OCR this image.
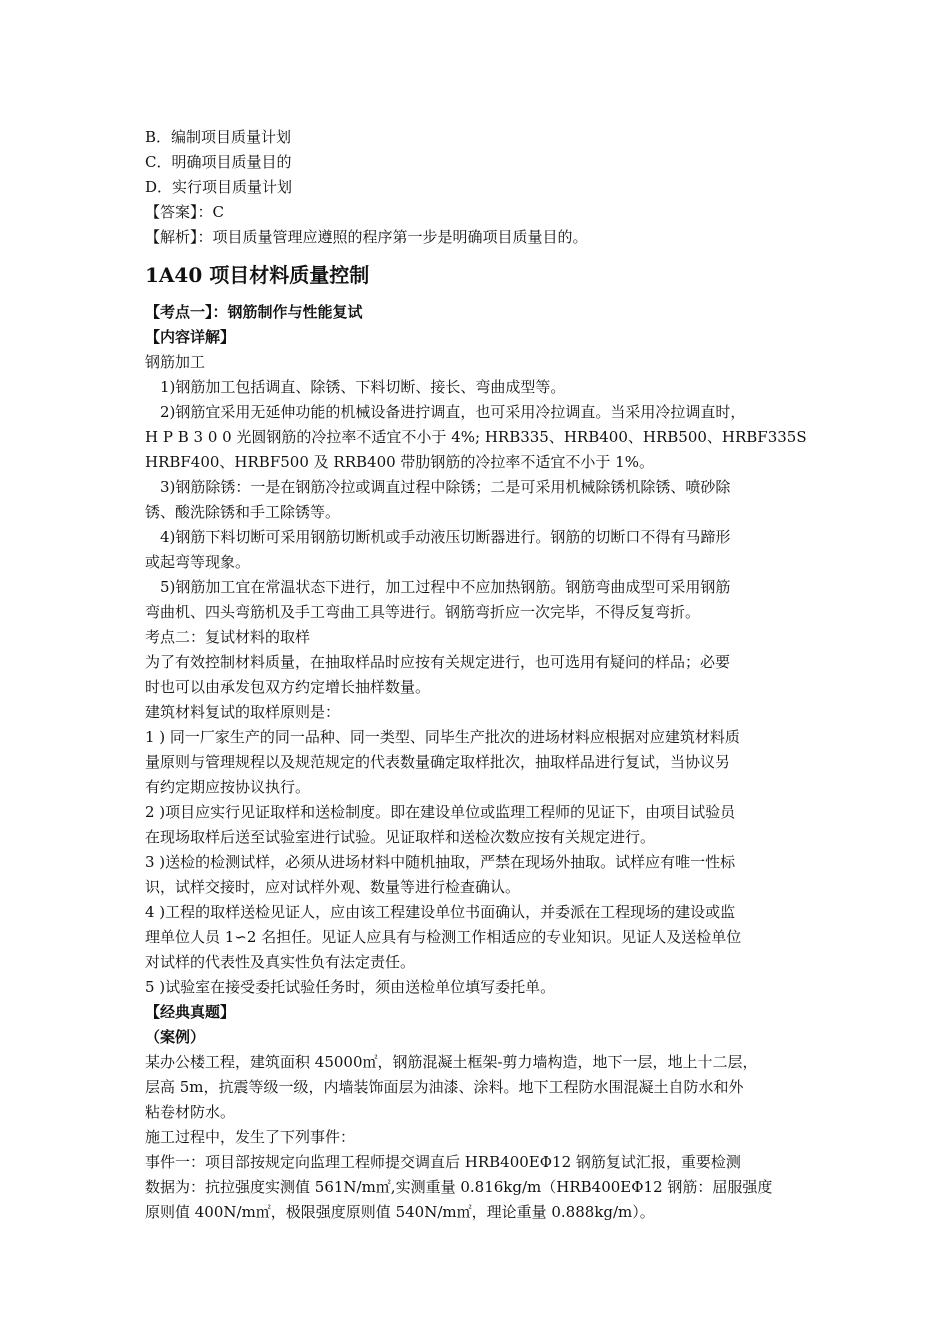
B．编制项目质量计划
C．明确项目质量目的
D．实行项目质量计划
【答案】：C
【解析】：项目质量管理应遵照的程序第一步是明确项目质量目的。
1A40 项目材料质量控制
【考点一】：钢筋制作与性能复试
【内容详解】
钢筋加工
1)钢筋加工包括调直、除锈、下料切断、接长、弯曲成型等。
2)钢筋宜采用无延伸功能的机械设备进拧调直，也可采用冷拉调直。当采用冷拉调直时，
H P B 3 0 0 光圆钢筋的冷拉率不适宜不小于 4%; HRB335、HRB400、HRB500、HRBF335S
HRBF400、HRBF500 及 RRB400 带肋钢筋的冷拉率不适宜不小于 1%。
3)钢筋除锈：一是在钢筋冷拉或调直过程中除锈；二是可采用机械除锈机除锈、喷砂除
锈、酸洗除锈和手工除锈等。
4)钢筋下料切断可采用钢筋切断机或手动液压切断器进行。钢筋的切断口不得有马蹄形
或起弯等现象。
5)钢筋加工宜在常温状态下进行，加工过程中不应加热钢筋。钢筋弯曲成型可采用钢筋
弯曲机、四头弯筋机及手工弯曲工具等进行。钢筋弯折应一次完毕，不得反复弯折。
考点二：复试材料的取样
为了有效控制材料质量，在抽取样品时应按有关规定进行，也可选用有疑问的样品；必要
时也可以由承发包双方约定增长抽样数量。
建筑材料复试的取样原则是：
1 ) 同一厂家生产的同一品种、同一类型、同毕生产批次的进场材料应根据对应建筑材料质
量原则与管理规程以及规范规定的代表数量确定取样批次，抽取样品进行复试，当协议另
有约定期应按协议执行。
2 )项目应实行见证取样和送检制度。即在建设单位或监理工程师的见证下，由项目试验员
在现场取样后送至试验室进行试验。见证取样和送检次数应按有关规定进行。
3 )送检的检测试样，必须从进场材料中随机抽取，严禁在现场外抽取。试样应有唯一性标
识，试样交接时，应对试样外观、数量等进行检查确认。
4 )工程的取样送检见证人，应由该工程建设单位书面确认，并委派在工程现场的建设或监
理单位人员 1∽2 名担任。见证人应具有与检测工作相适应的专业知识。见证人及送检单位
对试样的代表性及真实性负有法定责任。
5 )试验室在接受委托试验任务时，须由送检单位填写委托单。
【经典真题】
（案例）
某办公楼工程，建筑面积 45000㎡，钢筋混凝土框架-剪力墙构造，地下一层，地上十二层，
层高 5m，抗震等级一级，内墙装饰面层为油漆、涂料。地下工程防水围混凝土自防水和外
粘卷材防水。
施工过程中，发生了下列事件：
事件一：项目部按规定向监理工程师提交调直后 HRB400EΦ12 钢筋复试汇报，重要检测
数据为：抗拉强度实测值 561N/m㎡,实测重量 0.816kg/m（HRB400EΦ12 钢筋：屈服强度
原则值 400N/m㎡，极限强度原则值 540N/m㎡，理论重量 0.888kg/m）。
